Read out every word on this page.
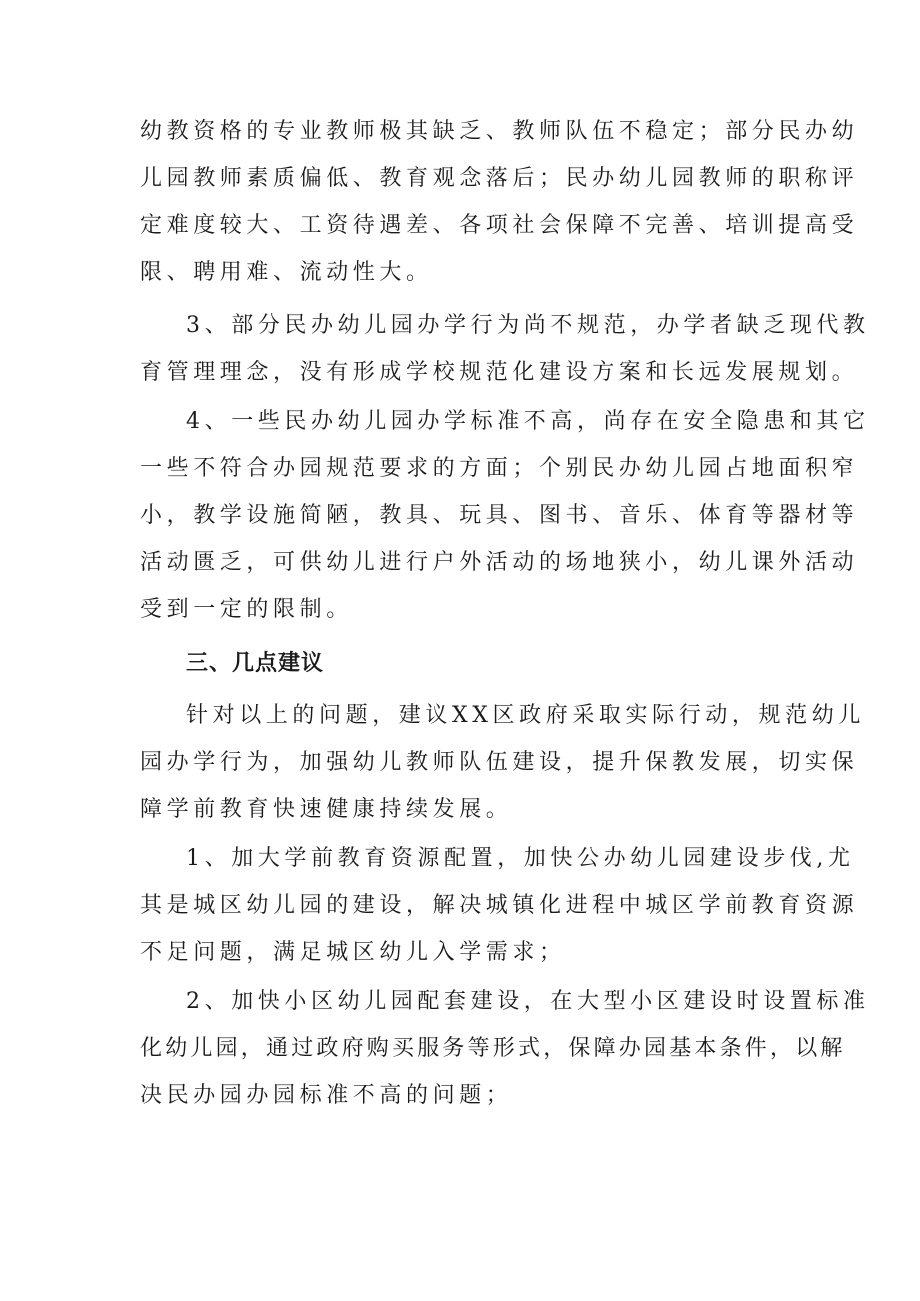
幼教资格的专业教师极其缺乏、教师队伍不稳定；部分民办幼
儿园教师素质偏低、教育观念落后；民办幼儿园教师的职称评
定难度较大、工资待遇差、各项社会保障不完善、培训提高受
限、聘用难、流动性大。
3、部分民办幼儿园办学行为尚不规范，办学者缺乏现代教
育管理理念，没有形成学校规范化建设方案和长远发展规划。
4、一些民办幼儿园办学标准不高，尚存在安全隐患和其它
一些不符合办园规范要求的方面；个别民办幼儿园占地面积窄
小，教学设施简陋，教具、玩具、图书、音乐、体育等器材等
活动匮乏，可供幼儿进行户外活动的场地狭小，幼儿课外活动
受到一定的限制。
三、几点建议
针对以上的问题，建议XX区政府采取实际行动，规范幼儿
园办学行为，加强幼儿教师队伍建设，提升保教发展，切实保
障学前教育快速健康持续发展。
1、加大学前教育资源配置，加快公办幼儿园建设步伐,尤
其是城区幼儿园的建设，解决城镇化进程中城区学前教育资源
不足问题，满足城区幼儿入学需求；
2、加快小区幼儿园配套建设，在大型小区建设时设置标准
化幼儿园，通过政府购买服务等形式，保障办园基本条件，以解
决民办园办园标准不高的问题；
